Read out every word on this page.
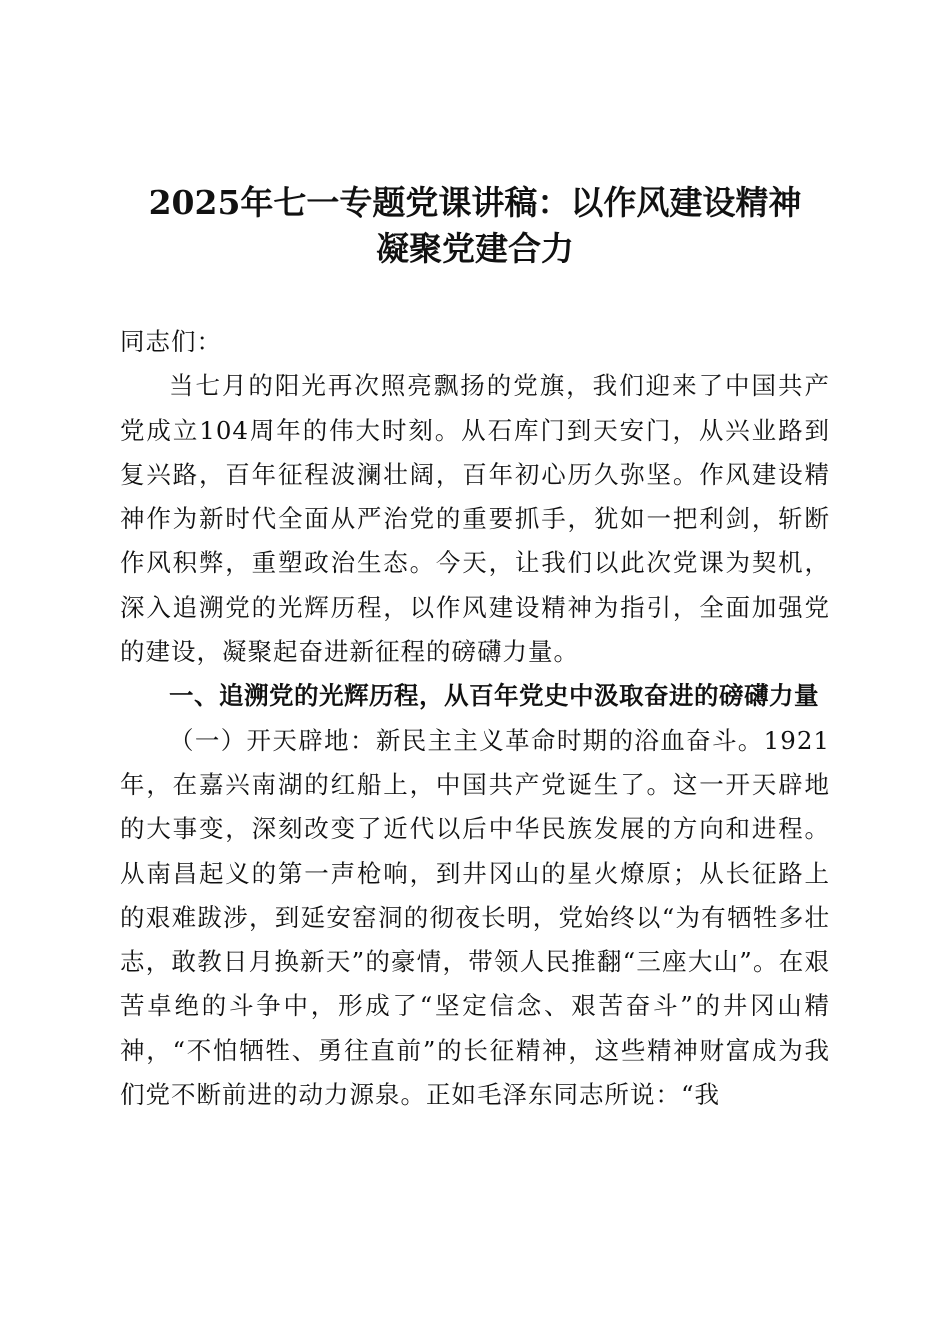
2025年七一专题党课讲稿：以作风建设精神
凝聚党建合力

同志们：

当七月的阳光再次照亮飘扬的党旗，我们迎来了中国共产党成立104周年的伟大时刻。从石库门到天安门，从兴业路到复兴路，百年征程波澜壮阔，百年初心历久弥坚。作风建设精神作为新时代全面从严治党的重要抓手，犹如一把利剑，斩断作风积弊，重塑政治生态。今天，让我们以此次党课为契机，深入追溯党的光辉历程，以作风建设精神为指引，全面加强党的建设，凝聚起奋进新征程的磅礴力量。

一、追溯党的光辉历程，从百年党史中汲取奋进的磅礴力量

（一）开天辟地：新民主主义革命时期的浴血奋斗。1921年，在嘉兴南湖的红船上，中国共产党诞生了。这一开天辟地的大事变，深刻改变了近代以后中华民族发展的方向和进程。从南昌起义的第一声枪响，到井冈山的星火燎原；从长征路上的艰难跋涉，到延安窑洞的彻夜长明，党始终以“为有牺牲多壮志，敢教日月换新天”的豪情，带领人民推翻“三座大山”。在艰苦卓绝的斗争中，形成了“坚定信念、艰苦奋斗”的井冈山精神，“不怕牺牲、勇往直前”的长征精神，这些精神财富成为我们党不断前进的动力源泉。正如毛泽东同志所说：“我
